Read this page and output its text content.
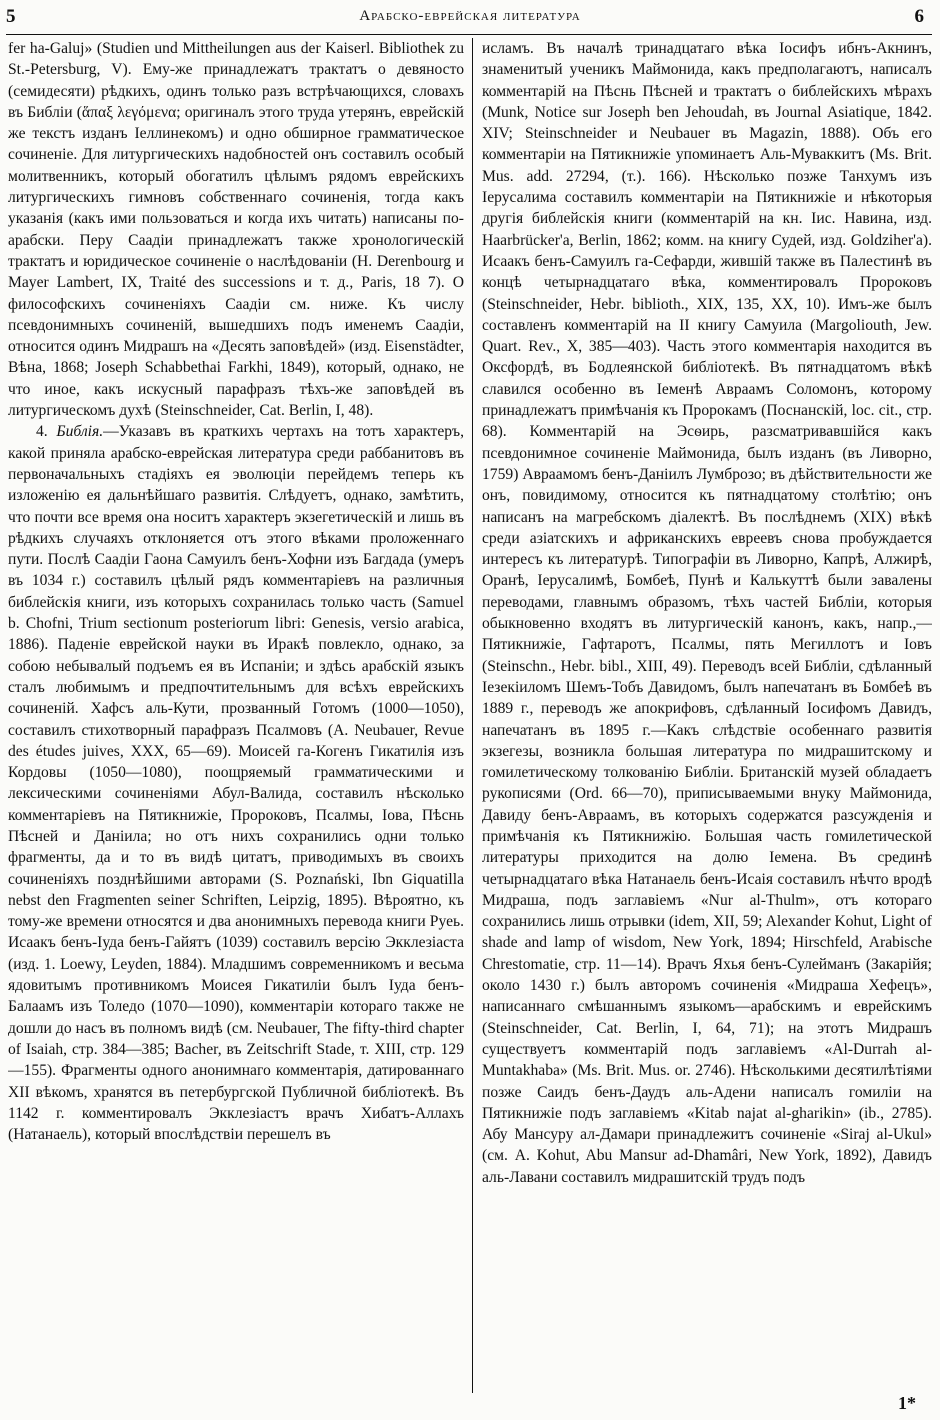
5	Арабско-еврейская литература	6

fer ha-Galuj» (Studien und Mittheilungen aus der Kaiserl. Bibliothek zu St.-Petersburg, V). Ему-же принадлежатъ трактатъ о девяносто (семидесяти) рѣдкихъ, одинъ только разъ встрѣчающихся, словахъ въ Библіи (ἅπαξ λεγόμενα; оригиналъ этого труда утерянъ, еврейскій же текстъ изданъ Іеллинекомъ) и одно обширное грамматическое сочиненіе. Для литургическихъ надобностей онъ составилъ особый молитвенникъ, который обогатилъ цѣлымъ рядомъ еврейскихъ литургическихъ гимновъ собственнаго сочиненія, тогда какъ указанія (какъ ими пользоваться и когда ихъ читать) написаны по-арабски. Перу Саадіи принадлежатъ также хронологическій трактатъ и юридическое сочиненіе о наслѣдованіи (H. Derenbourg и Mayer Lambert, IX, Traité des successions и т. д., Paris, 18 7). О философскихъ сочиненіяхъ Саадіи см. ниже. Къ числу псевдонимныхъ сочиненій, вышедшихъ подъ именемъ Саадіи, относится одинъ Мидрашъ на «Десять заповѣдей» (изд. Eisenstädter, Вѣна, 1868; Joseph Schabbethai Farkhi, 1849), который, однако, не что иное, какъ искусный парафразъ тѣхъ-же заповѣдей въ литургическомъ духѣ (Steinschneider, Cat. Berlin, I, 48).

4. Библія.—Указавъ въ краткихъ чертахъ на тотъ характеръ, какой приняла арабско-еврейская литература среди раббанитовъ въ первоначальныхъ стадіяхъ ея эволюціи перейдемъ теперь къ изложенію ея дальнѣйшаго развитія. Слѣдуетъ, однако, замѣтить, что почти все время она носитъ характеръ экзегетическій и лишь въ рѣдкихъ случаяхъ отклоняется отъ этого вѣками проложеннаго пути. Послѣ Саадіи Гаона Самуилъ бенъ-Хофни изъ Багдада (умеръ въ 1034 г.) составилъ цѣлый рядъ комментаріевъ на различныя библейскія книги, изъ которыхъ сохранилась только часть (Samuel b. Chofni, Trium sectionum posteriorum libri: Genesis, versio arabica, 1886). Паденіе еврейской науки въ Иракѣ повлекло, однако, за собою небывалый подъемъ ея въ Испаніи; и здѣсь арабскій языкъ сталъ любимымъ и предпочтительнымъ для всѣхъ еврейскихъ сочиненій. Хафсъ аль-Кути, прозванный Готомъ (1000—1050), составилъ стихотворный парафразъ Псалмовъ (A. Neubauer, Revue des études juives, XXX, 65—69). Моисей га-Когенъ Гикатилія изъ Кордовы (1050—1080), поощряемый грамматическими и лексическими сочиненіями Абул-Валида, составилъ нѣсколько комментаріевъ на Пятикнижіе, Пророковъ, Псалмы, Іова, Пѣснь Пѣсней и Даніила; но отъ нихъ сохранились одни только фрагменты, да и то въ видѣ цитатъ, приводимыхъ въ своихъ сочиненіяхъ позднѣйшими авторами (S. Poznański, Ibn Giquatilla nebst den Fragmenten seiner Schriften, Leipzig, 1895). Вѣроятно, къ тому-же времени относятся и два анонимныхъ перевода книги Руеь. Исаакъ бенъ-Іуда бенъ-Гайятъ (1039) составилъ версію Экклезіаста (изд. 1. Loewy, Leyden, 1884). Младшимъ современникомъ и весьма ядовитымъ противникомъ Моисея Гикатиліи былъ Іуда бенъ-Балаамъ изъ Толедо (1070—1090), комментаріи котораго также не дошли до насъ въ полномъ видѣ (см. Neubauer, The fifty-third chapter of Isaiah, стр. 384—385; Bacher, въ Zeitschrift Stade, т. XIII, стр. 129—155). Фрагменты одного анонимнаго комментарія, датированнаго XII вѣкомъ, хранятся въ петербургской Публичной библіотекѣ. Въ 1142 г. комментировалъ Экклезіастъ врачъ Хибатъ-Аллахъ (Натанаель), который впослѣдствіи перешелъ въ

исламъ. Въ началѣ тринадцатаго вѣка Іосифъ ибнъ-Акнинъ, знаменитый ученикъ Маймонида, какъ предполагаютъ, написалъ комментарій на Пѣснь Пѣсней и трактатъ о библейскихъ мѣрахъ (Munk, Notice sur Joseph ben Jehoudah, въ Journal Asiatique, 1842. XIV; Steinschneider и Neubauer въ Magazin, 1888). Объ его комментаріи на Пятикнижіе упоминаетъ Аль-Муваккитъ (Ms. Brit. Mus. add. 27294, (т.). 166). Нѣсколько позже Танхумъ изъ Іерусалима составилъ комментаріи на Пятикнижіе и нѣкоторыя другія библейскія книги (комментарій на кн. Іис. Навина, изд. Haarbrücker'a, Berlin, 1862; комм. на книгу Судей, изд. Goldziher'a). Исаакъ бенъ-Самуилъ га-Сефарди, жившій также въ Палестинѣ въ концѣ четырнадцатаго вѣка, комментировалъ Пророковъ (Steinschneider, Hebr. biblioth., XIX, 135, XX, 10). Имъ-же былъ составленъ комментарій на II книгу Самуила (Margoliouth, Jew. Quart. Rev., X, 385—403). Часть этого комментарія находится въ Оксфордѣ, въ Бодлеянской библіотекѣ. Въ пятнадцатомъ вѣкѣ славился особенно въ Іеменѣ Авраамъ Соломонъ, которому принадлежатъ примѣчанія къ Пророкамъ (Поснанскій, loc. cit., стр. 68). Комментарій на Эсѳирь, разсматривавшійся какъ псевдонимное сочиненіе Маймонида, былъ изданъ (въ Ливорно, 1759) Авраамомъ бенъ-Даніилъ Лумброзо; въ дѣйствительности же онъ, повидимому, относится къ пятнадцатому столѣтію; онъ написанъ на магребскомъ діалектѣ. Въ послѣднемъ (XIX) вѣкѣ среди азіатскихъ и африканскихъ евреевъ снова пробуждается интересъ къ литературѣ. Типографіи въ Ливорно, Капрѣ, Алжирѣ, Оранѣ, Іерусалимѣ, Бомбеѣ, Пунѣ и Калькуттѣ были завалены переводами, главнымъ образомъ, тѣхъ частей Библіи, которыя обыкновенно входятъ въ литургическій канонъ, какъ, напр.,—Пятикнижіе, Гафтаротъ, Псалмы, пять Мегиллотъ и Іовъ (Steinschn., Hebr. bibl., XIII, 49). Переводъ всей Библіи, сдѣланный Іезекіиломъ Шемъ-Тобъ Давидомъ, былъ напечатанъ въ Бомбеѣ въ 1889 г., переводъ же апокрифовъ, сдѣланный Іосифомъ Давидъ, напечатанъ въ 1895 г.—Какъ слѣдствіе особеннаго развитія экзегезы, возникла большая литература по мидрашитскому и гомилетическому толкованію Библіи. Британскій музей обладаетъ рукописями (Ord. 66—70), приписываемыми внуку Маймонида, Давиду бенъ-Авраамъ, въ которыхъ содержатся разсужденія и примѣчанія къ Пятикнижію. Большая часть гомилетической литературы приходится на долю Іемена. Въ срединѣ четырнадцатаго вѣка Натанаель бенъ-Исаія составилъ нѣчто вродѣ Мидраша, подъ заглавіемъ «Nur al-Thulm», отъ котораго сохранились лишь отрывки (idem, XII, 59; Alexander Kohut, Light of shade and lamp of wisdom, New York, 1894; Hirschfeld, Arabische Chrestomatie, стр. 11—14). Врачъ Яхья бенъ-Сулейманъ (Закарійя; около 1430 г.) былъ авторомъ сочиненія «Мидраша Хефецъ», написаннаго смѣшаннымъ языкомъ—арабскимъ и еврейскимъ (Steinschneider, Cat. Berlin, I, 64, 71); на этотъ Мидрашъ существуетъ комментарій подъ заглавіемъ «Al-Durrah al-Muntakhaba» (Ms. Brit. Mus. or. 2746). Нѣсколькими десятилѣтіями позже Саидъ бенъ-Даудъ аль-Адени написалъ гомиліи на Пятикнижіе подъ заглавіемъ «Kitab najat al-gharikin» (ib., 2785). Абу Мансуру ал-Дамари принадлежитъ сочиненіе «Siraj al-Ukul» (см. A. Kohut, Abu Mansur ad-Dhamâri, New York, 1892), Давидъ аль-Лавани составилъ мидрашитскій трудъ подъ

1*
